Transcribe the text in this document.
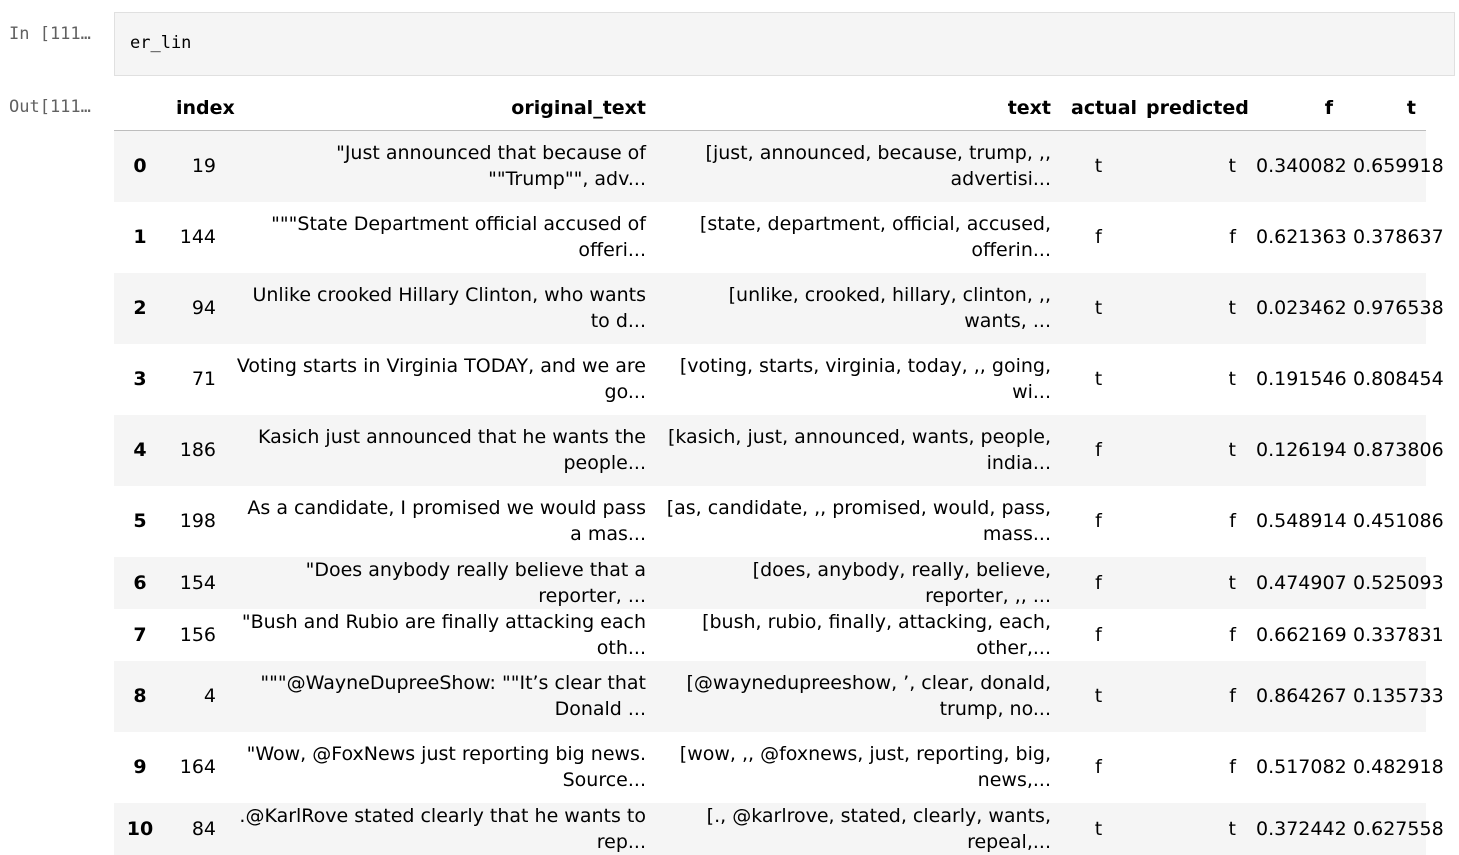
In [111… er_lin
Out[111…
		index	original_text	text	actual	predicted	f	t
0	19	"Just announced that because of ""Trump"", adv...	[just, announced, because, trump, ,, advertisi...	t	t	0.340082	0.659918
1	144	"""State Department official accused of offeri...	[state, department, official, accused, offerin...	f	f	0.621363	0.378637
2	94	Unlike crooked Hillary Clinton, who wants to d...	[unlike, crooked, hillary, clinton, ,, wants, ...	t	t	0.023462	0.976538
3	71	Voting starts in Virginia TODAY, and we are go...	[voting, starts, virginia, today, ,, going, wi...	t	t	0.191546	0.808454
4	186	Kasich just announced that he wants the people...	[kasich, just, announced, wants, people, india...	f	t	0.126194	0.873806
5	198	As a candidate, I promised we would pass a mas...	[as, candidate, ,, promised, would, pass, mass...	f	f	0.548914	0.451086
6	154	"Does anybody really believe that a reporter, ...	[does, anybody, really, believe, reporter, ,, ...	f	t	0.474907	0.525093
7	156	"Bush and Rubio are finally attacking each oth...	[bush, rubio, finally, attacking, each, other,...	f	f	0.662169	0.337831
8	4	"""@WayneDupreeShow: ""It’s clear that Donald ...	[@waynedupreeshow, ’, clear, donald, trump, no...	t	f	0.864267	0.135733
9	164	"Wow, @FoxNews just reporting big news. Source...	[wow, ,, @foxnews, just, reporting, big, news,...	f	f	0.517082	0.482918
10	84	.@KarlRove stated clearly that he wants to rep...	[., @karlrove, stated, clearly, wants, repeal,...	t	t	0.372442	0.627558
